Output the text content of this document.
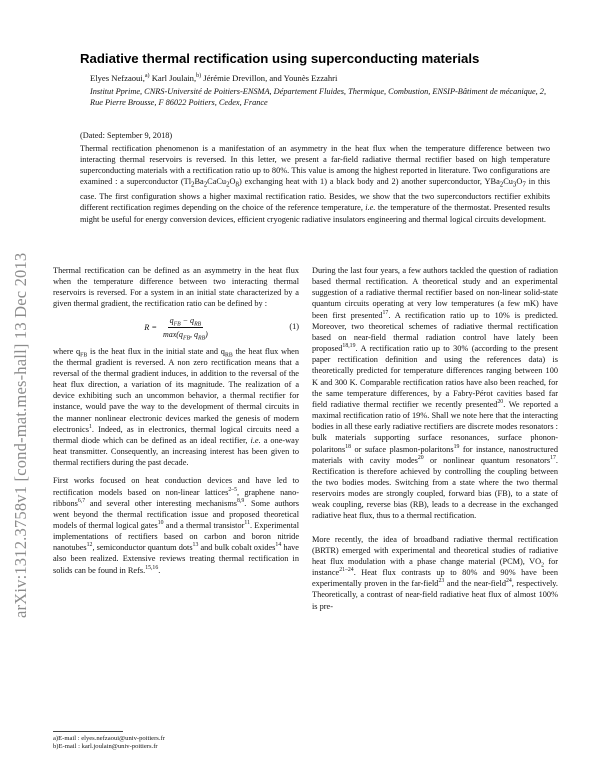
arXiv:1312.3758v1 [cond-mat.mes-hall] 13 Dec 2013
Radiative thermal rectification using superconducting materials
Elyes Nefzaoui,$^{a)}$ Karl Joulain,$^{b)}$ Jérémie Drevillon, and Younès Ezzahri
Institut Pprime, CNRS-Université de Poitiers-ENSMA, Département Fluides, Thermique, Combustion, ENSIP-Bâtiment de mécanique, 2, Rue Pierre Brousse, F 86022 Poitiers, Cedex, France
(Dated: September 9, 2018)
Thermal rectification phenomenon is a manifestation of an asymmetry in the heat flux when the temperature difference between two interacting thermal reservoirs is reversed. In this letter, we present a far-field radiative thermal rectifier based on high temperature superconducting materials with a rectification ratio up to 80%. This value is among the highest reported in literature. Two configurations are examined : a superconductor $(Tl_2Ba_2CaCu_2O_8)$ exchanging heat with 1) a black body and 2) another superconductor, $YBa_2Cu_3O_7$ in this case. The first configuration shows a higher maximal rectification ratio. Besides, we show that the two superconductors rectifier exhibits different rectification regimes depending on the choice of the reference temperature, i.e. the temperature of the thermostat. Presented results might be useful for energy conversion devices, efficient cryogenic radiative insulators engineering and thermal logical circuits development.

Thermal rectification can be defined as an asymmetry in the heat flux when the temperature difference between two interacting thermal reservoirs is reversed. For a system in an initial state characterized by a given thermal gradient, the rectification ratio can be defined by :

$R = \frac{q_{FB} - q_{RB}}{\max(q_{FB}, q_{RB})}$	(1)

where $q_{FB}$ is the heat flux in the initial state and $q_{RB}$ the heat flux when the thermal gradient is reversed. A non zero rectification means that a reversal of the thermal gradient induces, in addition to the reversal of the heat flux direction, a variation of its magnitude. The realization of a device exhibiting such an uncommon behavior, a thermal rectifier for instance, would pave the way to the development of thermal circuits in the manner nonlinear electronic devices marked the genesis of modern electronics$^1$. Indeed, as in electronics, thermal logical circuits need a thermal diode which can be defined as an ideal rectifier, i.e. a one-way heat transmitter. Consequently, an increasing interest has been given to thermal rectifiers during the past decade.

First works focused on heat conduction devices and have led to rectification models based on non-linear lattices$^{2-5}$, graphene nano-ribbons$^{6,7}$ and several other interesting mechanisms$^{8,9}$. Some authors went beyond the thermal rectification issue and proposed theoretical models of thermal logical gates$^{10}$ and a thermal transistor$^{11}$. Experimental implementations of rectifiers based on carbon and boron nitride nanotubes$^{12}$, semiconductor quantum dots$^{13}$ and bulk cobalt oxides$^{14}$ have also been realized. Extensive reviews treating thermal rectification in solids can be found in Refs.$^{15,16}$.

During the last four years, a few authors tackled the question of radiation based thermal rectification. A theoretical study and an experimental suggestion of a radiative thermal rectifier based on non-linear solid-state quantum circuits operating at very low temperatures (a few mK) have been first presented$^{17}$. A rectification ratio up to 10% is predicted. Moreover, two theoretical schemes of radiative thermal rectification based on near-field thermal radiation control have lately been proposed$^{18,19}$. A rectification ratio up to 30% (according to the present paper rectification definition and using the references data) is theoretically predicted for temperature differences ranging between 100 K and 300 K. Comparable rectification ratios have also been reached, for the same temperature differences, by a Fabry-Pérot cavities based far field radiative thermal rectifier we recently presented$^{20}$. We reported a maximal rectification ratio of 19%. Shall we note here that the interacting bodies in all these early radiative rectifiers are discrete modes resonators : bulk materials supporting surface resonances, surface phonon-polaritons$^{18}$ or suface plasmon-polaritons$^{19}$ for instance, nanostructured materials with cavity modes$^{20}$ or nonlinear quantum resonators$^{17}$. Rectification is therefore achieved by controlling the coupling between the two bodies modes. Switching from a state where the two thermal reservoirs modes are strongly coupled, forward bias (FB), to a state of weak coupling, reverse bias (RB), leads to a decrease in the exchanged radiative heat flux, thus to a thermal rectification.

More recently, the idea of broadband radiative thermal rectification (BRTR) emerged with experimental and theoretical studies of radiative heat flux modulation with a phase change material (PCM), $VO_2$ for instance$^{21-24}$. Heat flux contrasts up to 80% and 90% have been experimentally proven in the far-field$^{23}$ and the near-field$^{24}$, respectively. Theoretically, a contrast of near-field radiative heat flux of almost 100% is pre-

a)E-mail : elyes.nefzaoui@univ-poitiers.fr
b)E-mail : karl.joulain@univ-poitiers.fr
